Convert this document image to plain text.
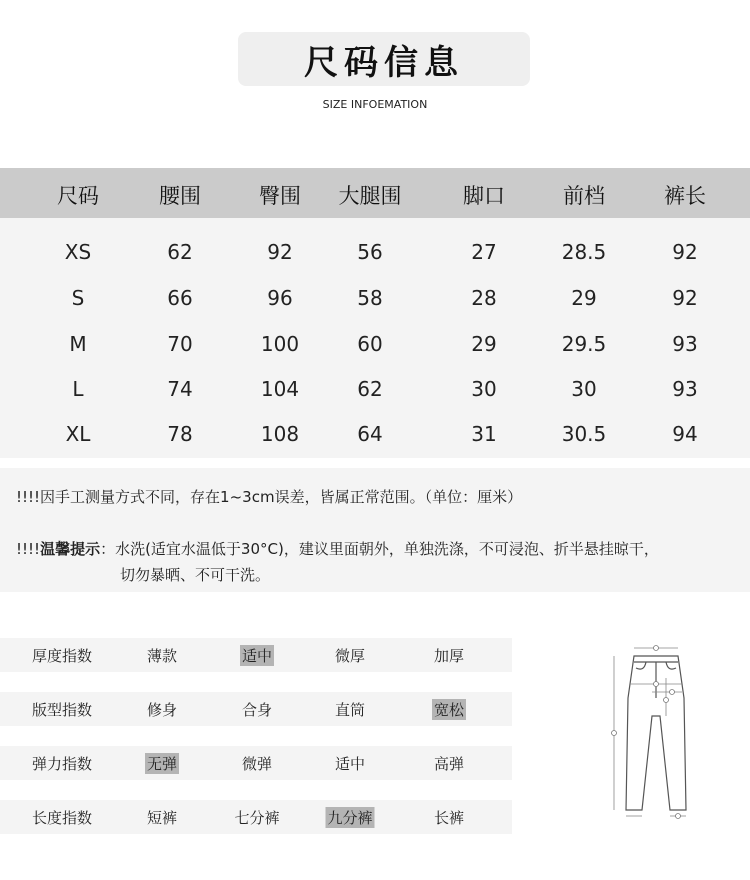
尺码信息
SIZE INFOEMATION
尺码	腰围	臀围	大腿围	脚口	前档	裤长
XS	62	92	56	27	28.5	92
S	66	96	58	28	29	92
M	70	100	60	29	29.5	93
L	74	104	62	30	30	93
XL	78	108	64	31	30.5	94
!!!!因手工测量方式不同，存在1~3cm误差，皆属正常范围。（单位：厘米）
!!!!温馨提示：水洗(适宜水温低于30°C)，建议里面朝外，单独洗涤，不可浸泡、折半悬挂晾干，
切勿暴晒、不可干洗。
厚度指数	薄款	适中	微厚	加厚
版型指数	修身	合身	直筒	宽松
弹力指数	无弹	微弹	适中	高弹
长度指数	短裤	七分裤	九分裤	长裤
